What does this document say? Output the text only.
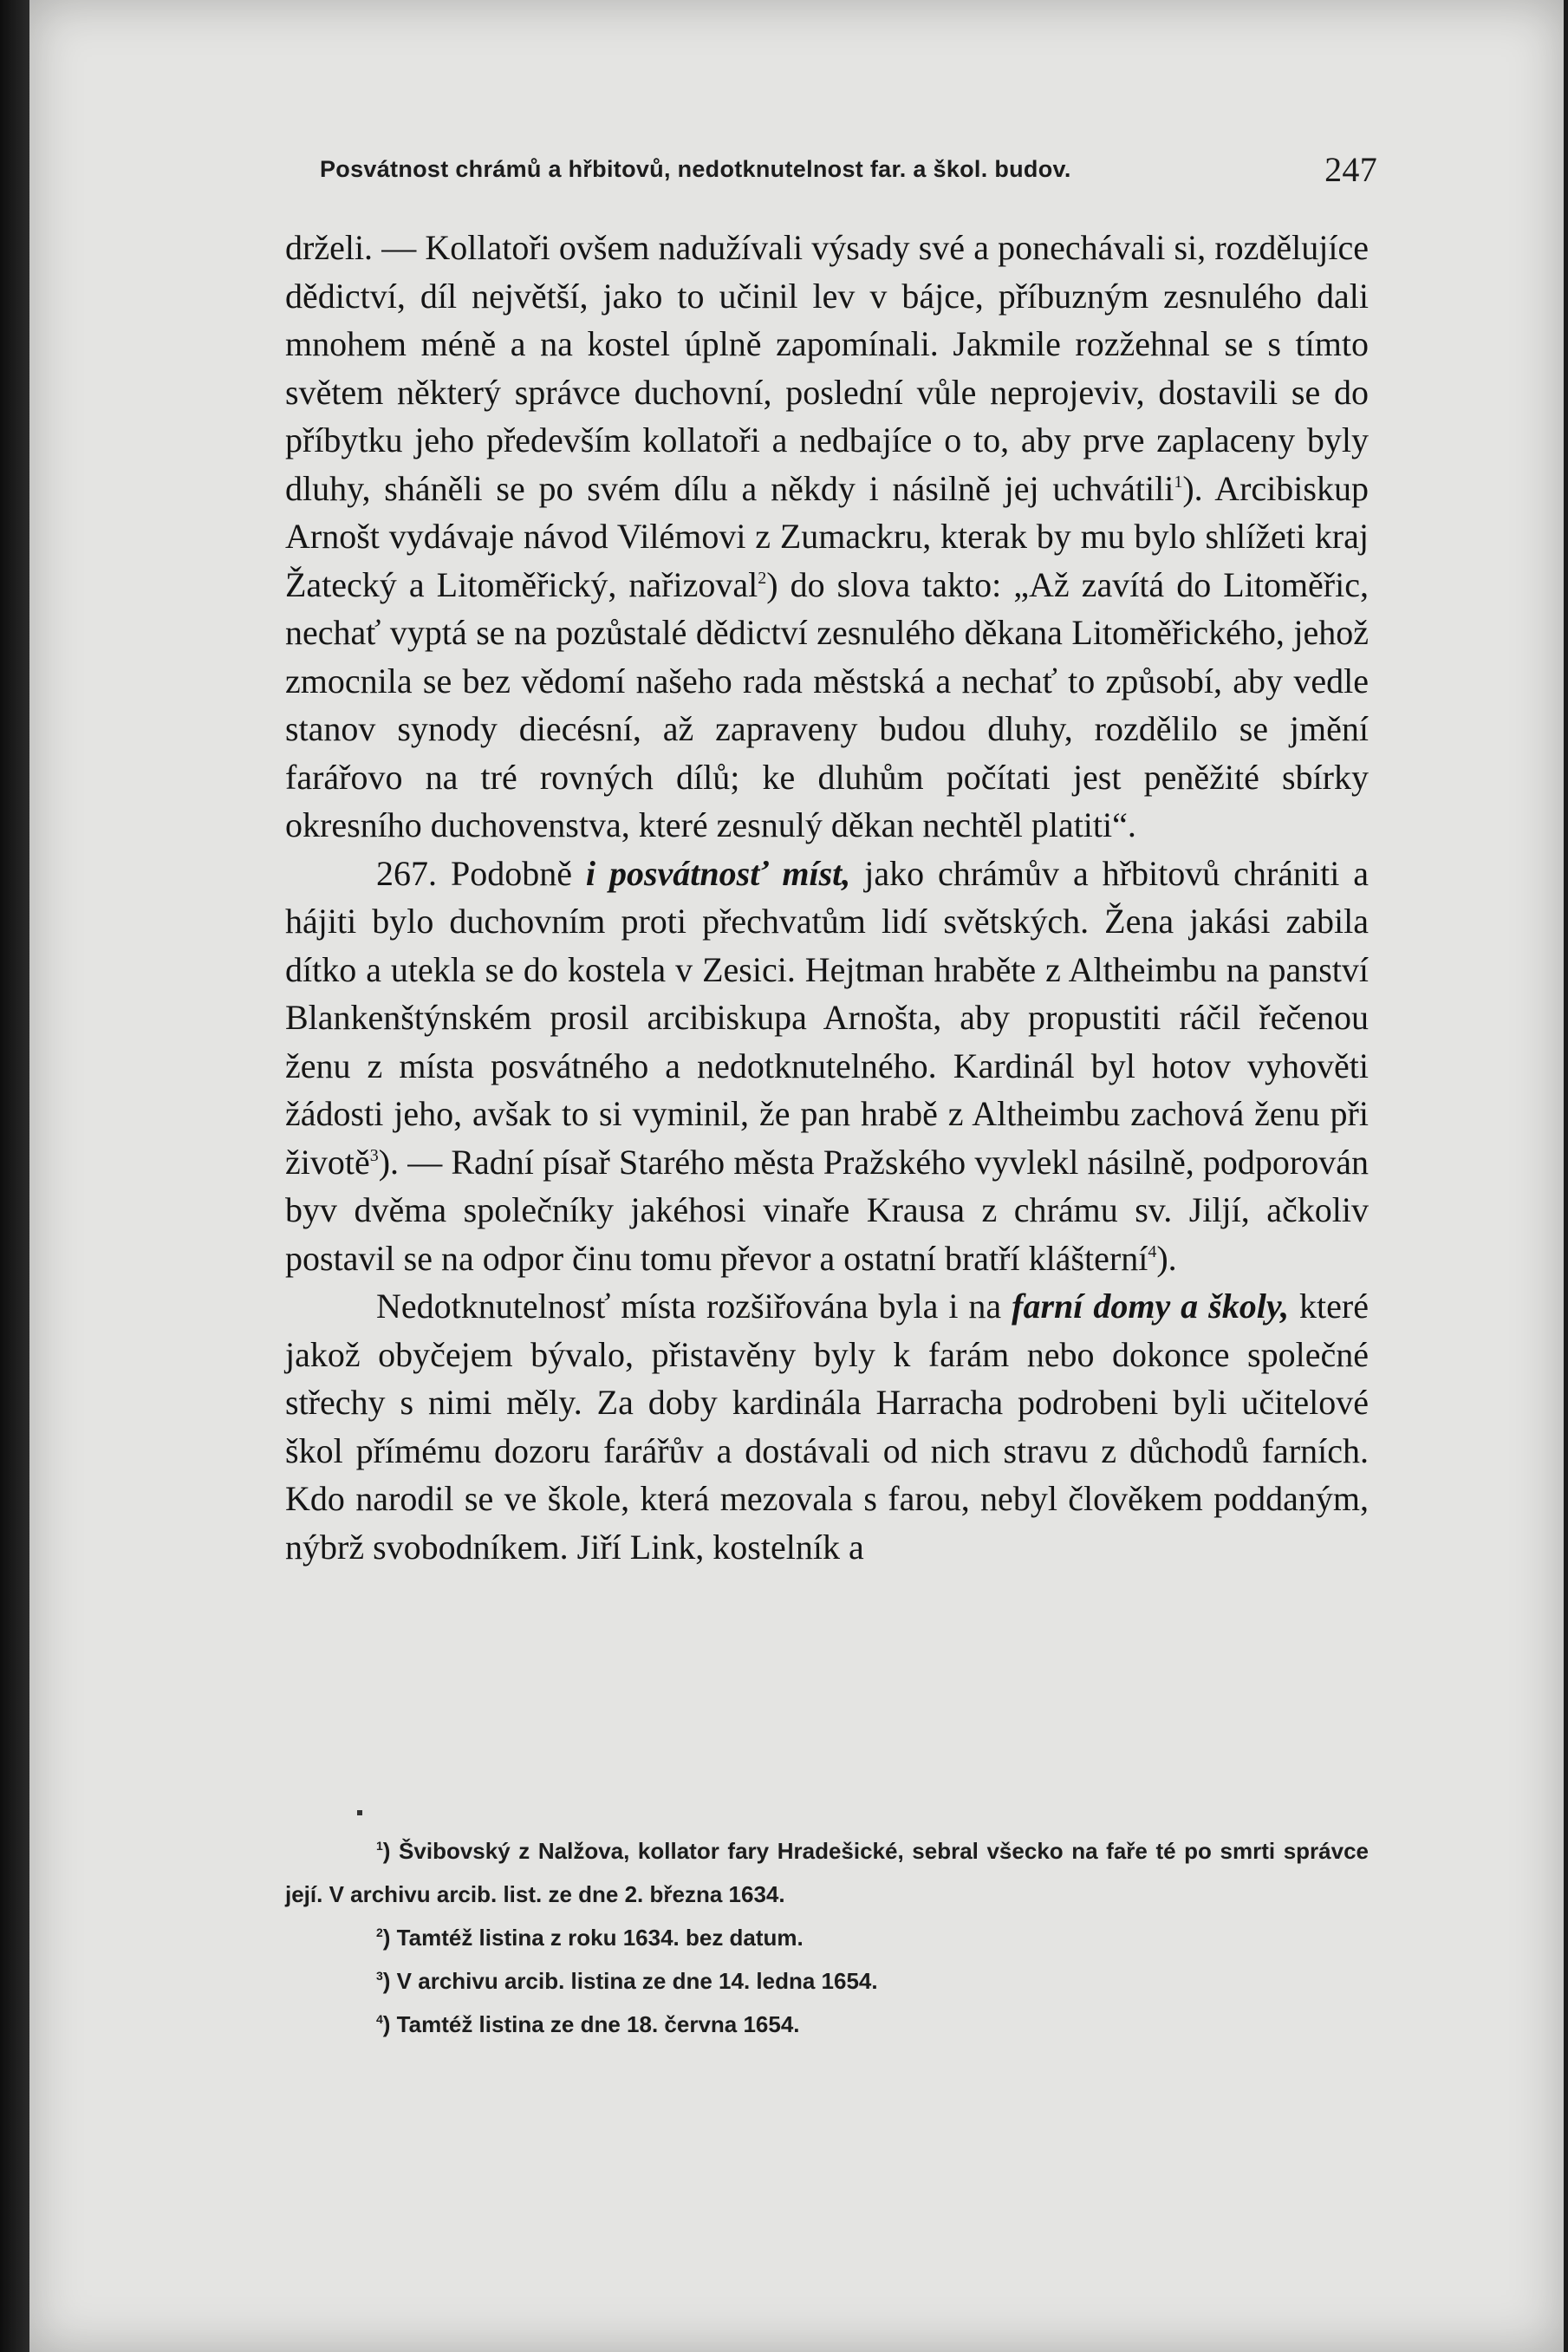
Posvátnost chrámů a hřbitovů, nedotknutelnost far. a škol. budov.	247

drželi. — Kollatoři ovšem nadužívali výsady své a ponechávali si, rozdělujíce dědictví, díl největší, jako to učinil lev v bájce, příbuzným zesnulého dali mnohem méně a na kostel úplně zapomínali. Jakmile rozžehnal se s tímto světem některý správce duchovní, poslední vůle neprojeviv, dostavili se do příbytku jeho především kollatoři a nedbajíce o to, aby prve zaplaceny byly dluhy, sháněli se po svém dílu a někdy i násilně jej uchvátili$^1$). Arcibiskup Arnošt vydávaje návod Vilémovi z Zumackru, kterak by mu bylo shlížeti kraj Žatecký a Litoměřický, nařizoval$^2$) do slova takto: „Až zavítá do Litoměřic, nechať vyptá se na pozůstalé dědictví zesnulého děkana Litoměřického, jehož zmocnila se bez vědomí našeho rada městská a nechať to způsobí, aby vedle stanov synody diecésní, až zapraveny budou dluhy, rozdělilo se jmění farářovo na tré rovných dílů; ke dluhům počítati jest peněžité sbírky okresního duchovenstva, které zesnulý děkan nechtěl platiti“.

267. Podobně i posvátnosť míst, jako chrámův a hřbitovů chrániti a hájiti bylo duchovním proti přechvatům lidí světských. Žena jakási zabila dítko a utekla se do kostela v Zesici. Hejtman hraběte z Altheimbu na panství Blankenštýnském prosil arcibiskupa Arnošta, aby propustiti ráčil řečenou ženu z místa posvátného a nedotknutelného. Kardinál byl hotov vyhověti žádosti jeho, avšak to si vyminil, že pan hrabě z Altheimbu zachová ženu při životě$^3$). — Radní písař Starého města Pražského vyvlekl násilně, podporován byv dvěma společníky jakéhosi vinaře Krausa z chrámu sv. Jiljí, ačkoliv postavil se na odpor činu tomu převor a ostatní bratří klášterní$^4$).

Nedotknutelnosť místa rozšiřována byla i na farní domy a školy, které jakož obyčejem bývalo, přistavěny byly k farám nebo dokonce společné střechy s nimi měly. Za doby kardinála Harracha podrobeni byli učitelové škol přímému dozoru farářův a dostávali od nich stravu z důchodů farních. Kdo narodil se ve škole, která mezovala s farou, nebyl člověkem poddaným, nýbrž svobodníkem. Jiří Link, kostelník a

$^1$) Švibovský z Nalžova, kollator fary Hradešické, sebral všecko na faře té po smrti správce její. V archivu arcib. list. ze dne 2. března 1634.

$^2$) Tamtéž listina z roku 1634. bez datum.

$^3$) V archivu arcib. listina ze dne 14. ledna 1654.

$^4$) Tamtéž listina ze dne 18. června 1654.
